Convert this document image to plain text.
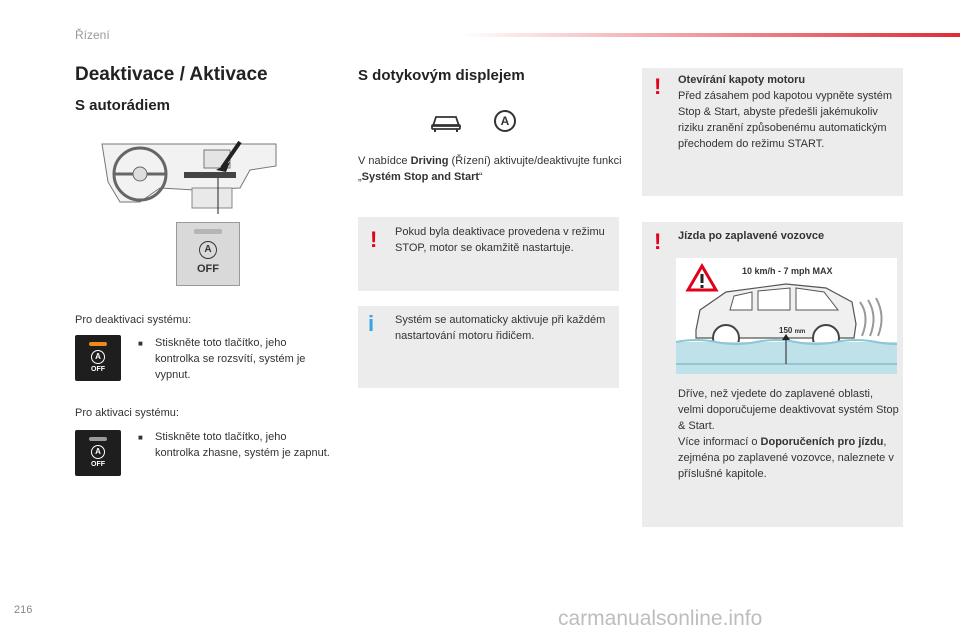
Řízení
Deaktivace / Aktivace
S autorádiem
A
OFF
Pro deaktivaci systému:
A
OFF
■ Stiskněte toto tlačítko, jeho kontrolka se rozsvítí, systém je vypnut.
Pro aktivaci systému:
A
OFF
■ Stiskněte toto tlačítko, jeho kontrolka zhasne, systém je zapnut.
S dotykovým displejem
A
V nabídce Driving (Řízení) aktivujte/deaktivujte funkci „Systém Stop and Start“
! Pokud byla deaktivace provedena v režimu STOP, motor se okamžitě nastartuje.
i Systém se automaticky aktivuje při každém nastartování motoru řidičem.
! Otevírání kapoty motoru
Před zásahem pod kapotou vypněte systém Stop & Start, abyste předešli jakémukoliv riziku zranění způsobenému automatickým přechodem do režimu START.
! Jízda po zaplavené vozovce
10 km/h - 7 mph MAX
150 mm
Dříve, než vjedete do zaplavené oblasti, velmi doporučujeme deaktivovat systém Stop & Start.
Více informací o Doporučeních pro jízdu, zejména po zaplavené vozovce, naleznete v příslušné kapitole.
216	carmanualsonline.info
